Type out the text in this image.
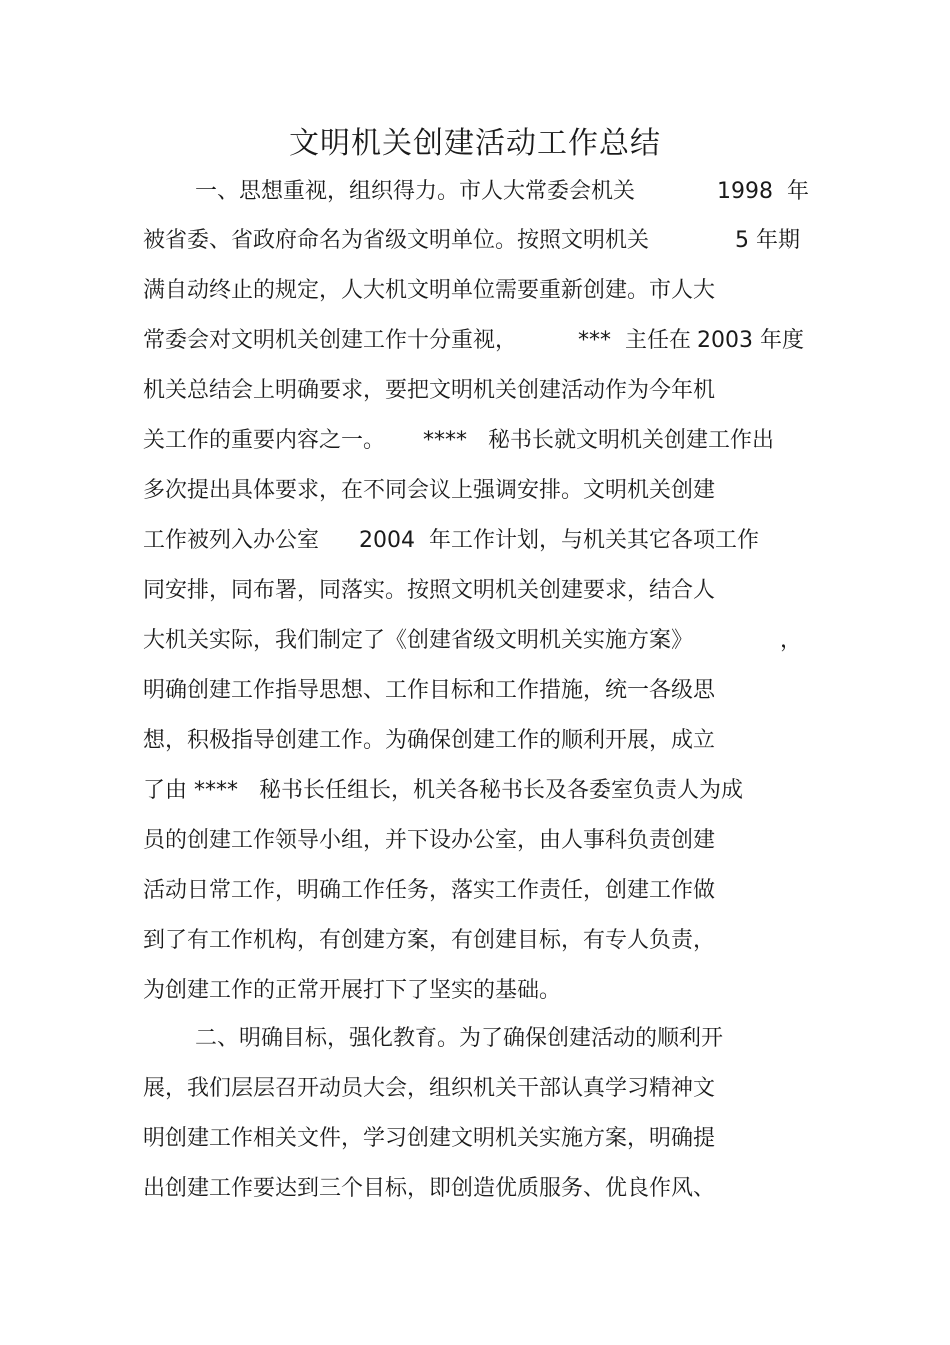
文明机关创建活动工作总结
一、思想重视，组织得力。市人大常委会机关	1998  年
被省委、省政府命名为省级文明单位。按照文明机关	5 年期
满自动终止的规定，人大机文明单位需要重新创建。市人大
常委会对文明机关创建工作十分重视，	***  主任在 2003 年度
机关总结会上明确要求，要把文明机关创建活动作为今年机
关工作的重要内容之一。 ****   秘书长就文明机关创建工作出
多次提出具体要求，在不同会议上强调安排。文明机关创建
工作被列入办公室 2004  年工作计划，与机关其它各项工作
同安排，同布署，同落实。按照文明机关创建要求，结合人
大机关实际，我们制定了《创建省级文明机关实施方案》	，
明确创建工作指导思想、工作目标和工作措施，统一各级思
想，积极指导创建工作。为确保创建工作的顺利开展，成立
了由 ****   秘书长任组长，机关各秘书长及各委室负责人为成
员的创建工作领导小组，并下设办公室，由人事科负责创建
活动日常工作，明确工作任务，落实工作责任，创建工作做
到了有工作机构，有创建方案，有创建目标，有专人负责，
为创建工作的正常开展打下了坚实的基础。
二、明确目标，强化教育。为了确保创建活动的顺利开
展，我们层层召开动员大会，组织机关干部认真学习精神文
明创建工作相关文件，学习创建文明机关实施方案，明确提
出创建工作要达到三个目标，即创造优质服务、优良作风、
